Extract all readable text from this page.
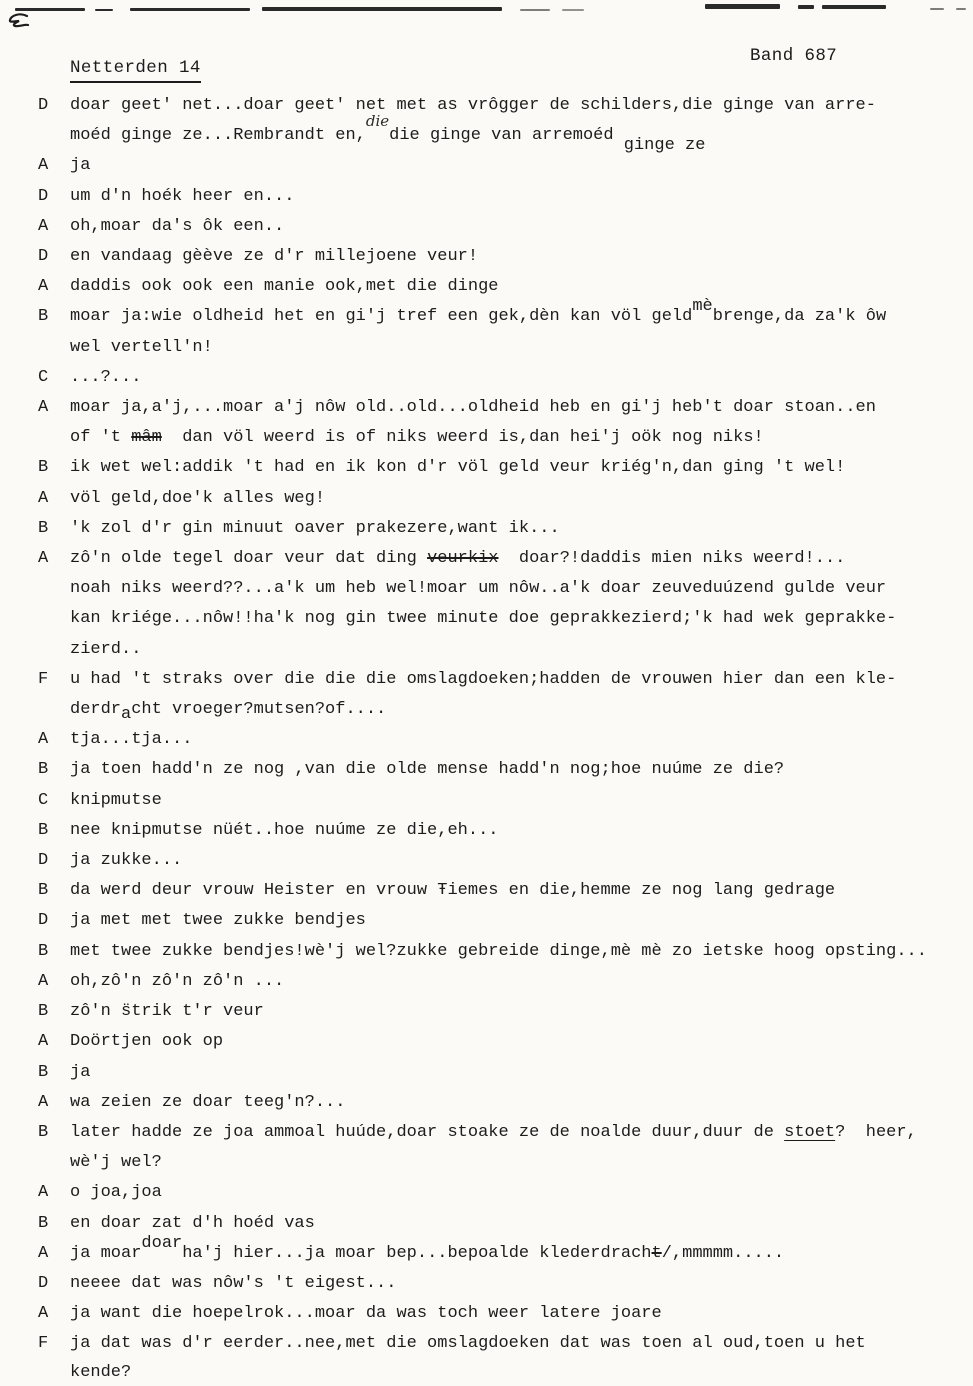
Netterden 14
Band 687
D	doar geet' net...doar geet' net met as vrôgger de schilders,die ginge van arre-
moéd ginge ze...Rembrandt en,diedie ginge van arremoéd ginge ze
A	ja
D	um d'n hoék heer en...
A	oh,moar da's ôk een..
D	en vandaag gèève ze d'r millejoene veur!
A	daddis ook ook een manie ook,met die dinge
B	moar ja:wie oldheid het en gi'j tref een gek,dèn kan völ geldmèbrenge,da za'k ôw
wel vertell'n!
C	...?...
A	moar ja,a'j,...moar a'j nôw old..old...oldheid heb en gi'j heb't doar stoan..en
of 't mâm  dan völ weerd is of niks weerd is,dan hei'j oök nog niks!
B	ik wet wel:addik 't had en ik kon d'r völ geld veur kriég'n,dan ging 't wel!
A	völ geld,doe'k alles weg!
B	'k zol d'r gin minuut oaver prakezere,want ik...
A	zô'n olde tegel doar veur dat ding veurkix  doar?!daddis mien niks weerd!...
noah niks weerd??...a'k um heb wel!moar um nôw..a'k doar zeuveduúzend gulde veur
kan kriége...nôw!!ha'k nog gin twee minute doe geprakkezierd;'k had wek geprakke-
zierd..
F	u had 't straks over die die die omslagdoeken;hadden de vrouwen hier dan een kle-
derdracht vroeger?mutsen?of....
A	tja...tja...
B	ja toen hadd'n ze nog ,van die olde mense hadd'n nog;hoe nuúme ze die?
C	knipmutse
B	nee knipmutse nüét..hoe nuúme ze die,eh...
D	ja zukke...
B	da werd deur vrouw Heister en vrouw Ŧiemes en die,hemme ze nog lang gedrage
D	ja met met twee zukke bendjes
B	met twee zukke bendjes!wè'j wel?zukke gebreide dinge,mè mè zo ietske hoog opsting...
A	oh,zô'n zô'n zô'n ...
B	zô'n s̈trik t'r veur
A	Doörtjen ook op
B	ja
A	wa zeien ze doar teeg'n?...
B	later hadde ze joa ammoal huúde,doar stoake ze de noalde duur,duur de stoet?  heer,
wè'j wel?
A	o joa,joa
B	en doar zat d'h hoéd vas
A	ja moardoarha'j hier...ja moar bep...bepoalde klederdracht/,mmmmm.....
D	neeee dat was nôw's 't eigest...
A	ja want die hoepelrok...moar da was toch weer latere joare
F	ja dat was d'r eerder..nee,met die omslagdoeken dat was toen al oud,toen u het
kende?
